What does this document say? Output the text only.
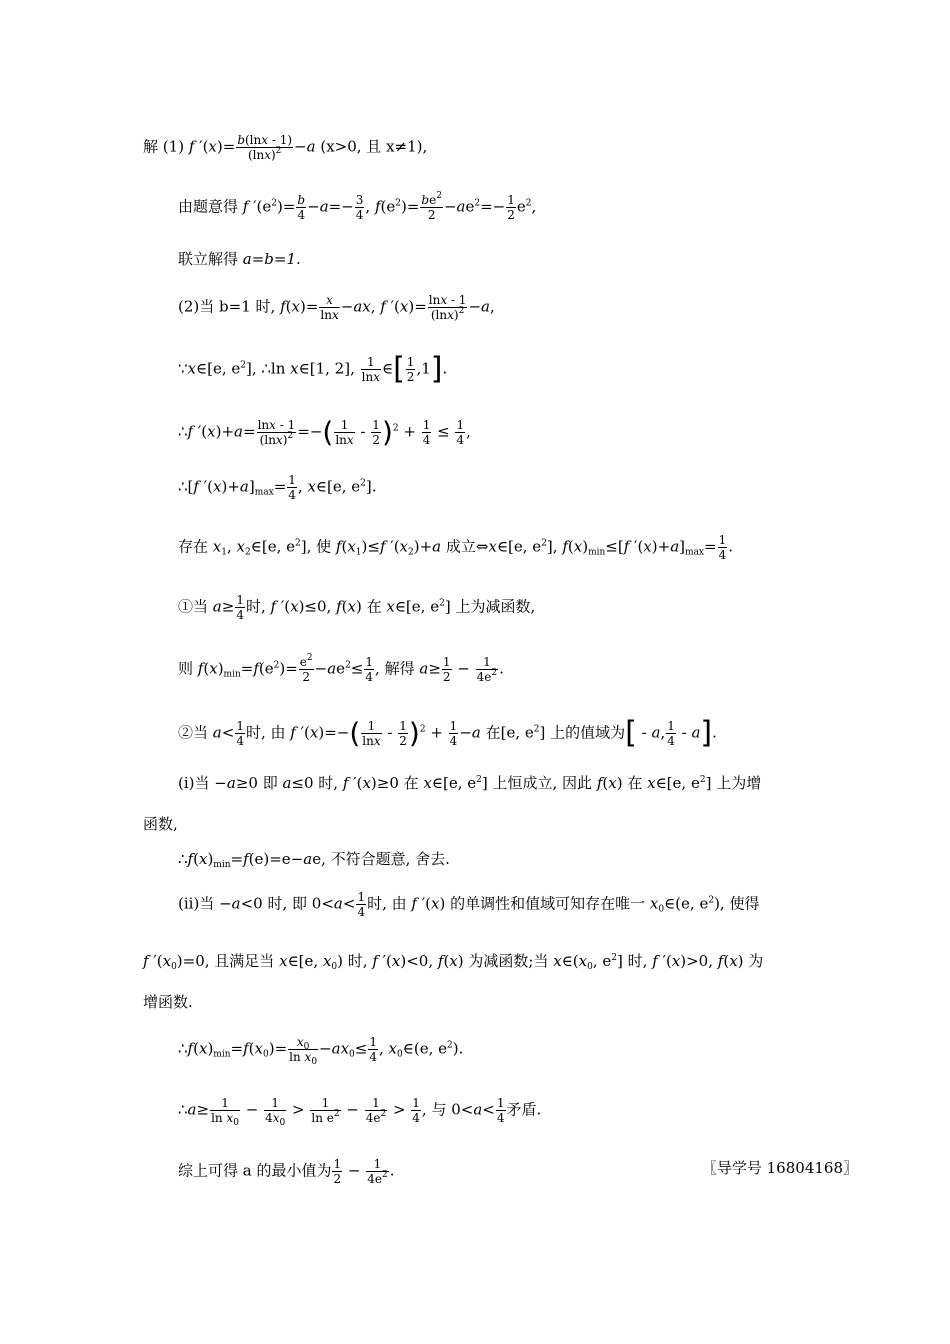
解 (1) f $'(x)= \frac{b(\ln x - 1)}{(\ln x)^2} -a$ (x>0, 且 x≠1),
由题意得 f $'(e^2)= \frac{b}{4} -a=- \frac{3}{4}$ , $f(e^2)= \frac{be^2}{2} -ae^2=- \frac{1}{2} e^2$,
联立解得 a=b=1.
(2)当 b=1 时, $f(x)= \frac{x}{\ln x} -ax$, f $'(x)= \frac{\ln x - 1}{(\ln x)^2} -a$,
∵x∈[e, $e^2$], ∴ln x∈[1, 2], $\frac{1}{\ln x}$ ∈[ $\frac{1}{2} ,1$].
∴f $'(x)+a= \frac{\ln x - 1}{(\ln x)^2}$ =−( $\frac{1}{\ln x} - \frac{1}{2} )^2 + \frac{1}{4} \le \frac{1}{4}$ ,
∴[f $'(x)+a]_{max}= \frac{1}{4}$ , x∈[e, $e^2$].
存在 $x_1$, $x_2\in[e$, $e^2$], 使 $f(x_1)\le f$ $'(x_2)+a$ 成立⇔x∈[e, $e^2$], $f(x)_{min}\le[f$ $'(x)+a]_{max}= \frac{1}{4}$ .
①当 $a\ge \frac{1}{4}$ 时, f ′(x)≤0, f(x) 在 x∈[e, $e^2$] 上为减函数,
则 $f(x)_{min}=f(e^2)= \frac{e^2}{2} -ae^2\le \frac{1}{4}$ , 解得 $a\ge \frac{1}{2} - \frac{1}{4e^2}$ .
②当 $a< \frac{1}{4}$ 时, 由 f $'(x)=-( \frac{1}{\ln x} - \frac{1}{2} )^2 + \frac{1}{4} -a$ 在[e, $e^2$] 上的值域为[ - a, $\frac{1}{4} - a$].
(i)当 −a≥0 即 a≤0 时, f ′(x)≥0 在 x∈[e, $e^2$] 上恒成立, 因此 f(x) 在 x∈[e, $e^2$] 上为增
函数,
$\therefore f(x)_{min}=f(e)=e-ae$, 不符合题意, 舍去.
(ii)当 −a<0 时, 即 $0<a< \frac{1}{4}$ 时, 由 f ′(x) 的单调性和值域可知存在唯一 $x_0\in(e$, $e^2$), 使得
f $'(x_0)=0$, 且满足当 x∈[e, $x_0$) 时, f ′(x)<0, f(x) 为减函数;当 $x\in(x_0$, $e^2$] 时, f ′(x)>0, f(x) 为
增函数.
$\therefore f(x)_{min}=f(x_0)= \frac{x_0}{\ln x_0} -ax_0\le \frac{1}{4}$ , $x_0\in(e$, $e^2$).
∴a≥ $\frac{1}{\ln x_0} - \frac{1}{4x_0} > \frac{1}{\ln e^2} - \frac{1}{4e^2} > \frac{1}{4}$ , 与 $0<a< \frac{1}{4}$ 矛盾.
综上可得 a 的最小值为 $\frac{1}{2} - \frac{1}{4e^2}$ .	〖导学号 16804168〗
